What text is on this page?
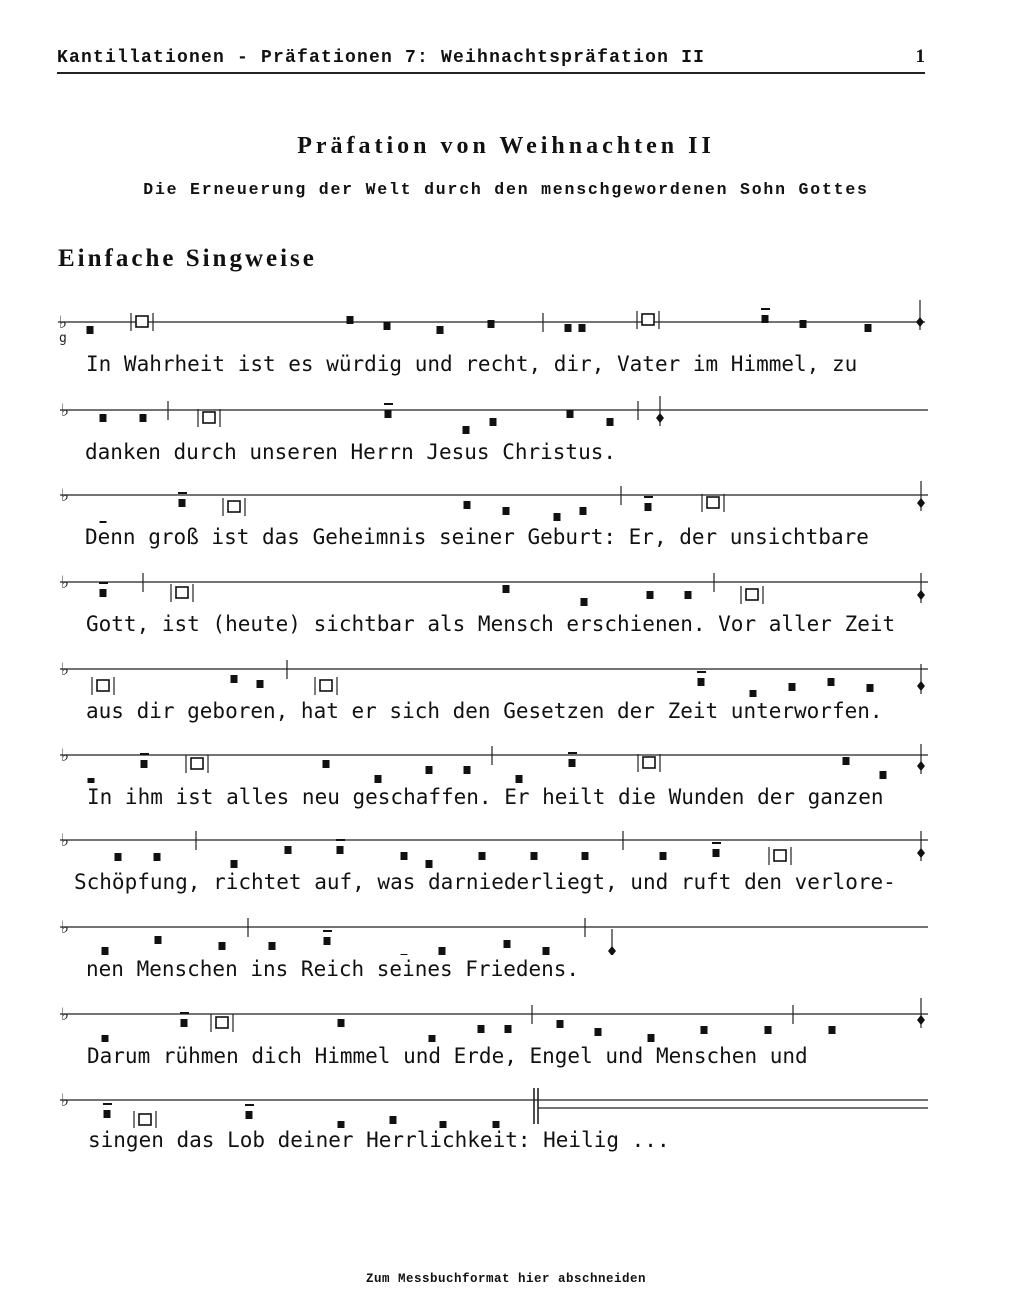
Kantillationen - Präfationen 7: Weihnachtspräfation II	1
Präfation von Weihnachten II
Die Erneuerung der Welt durch den menschgewordenen Sohn Gottes
Einfache Singweise
♭
g
In Wahrheit ist es würdig und recht, dir, Vater im Himmel, zu
♭
danken durch unseren Herrn Jesus Christus.
♭
Denn groß ist das Geheimnis seiner Geburt: Er, der unsichtbare
♭
Gott, ist (heute) sichtbar als Mensch erschienen. Vor aller Zeit
♭
aus dir geboren, hat er sich den Gesetzen der Zeit unterworfen.
♭
In ihm ist alles neu geschaffen. Er heilt die Wunden der ganzen
♭
Schöpfung, richtet auf, was darniederliegt, und ruft den verlore-
♭
nen Menschen ins Reich seines Friedens.
♭
Darum rühmen dich Himmel und Erde, Engel und Menschen und
♭
singen das Lob deiner Herrlichkeit: Heilig ...
Zum Messbuchformat hier abschneiden
